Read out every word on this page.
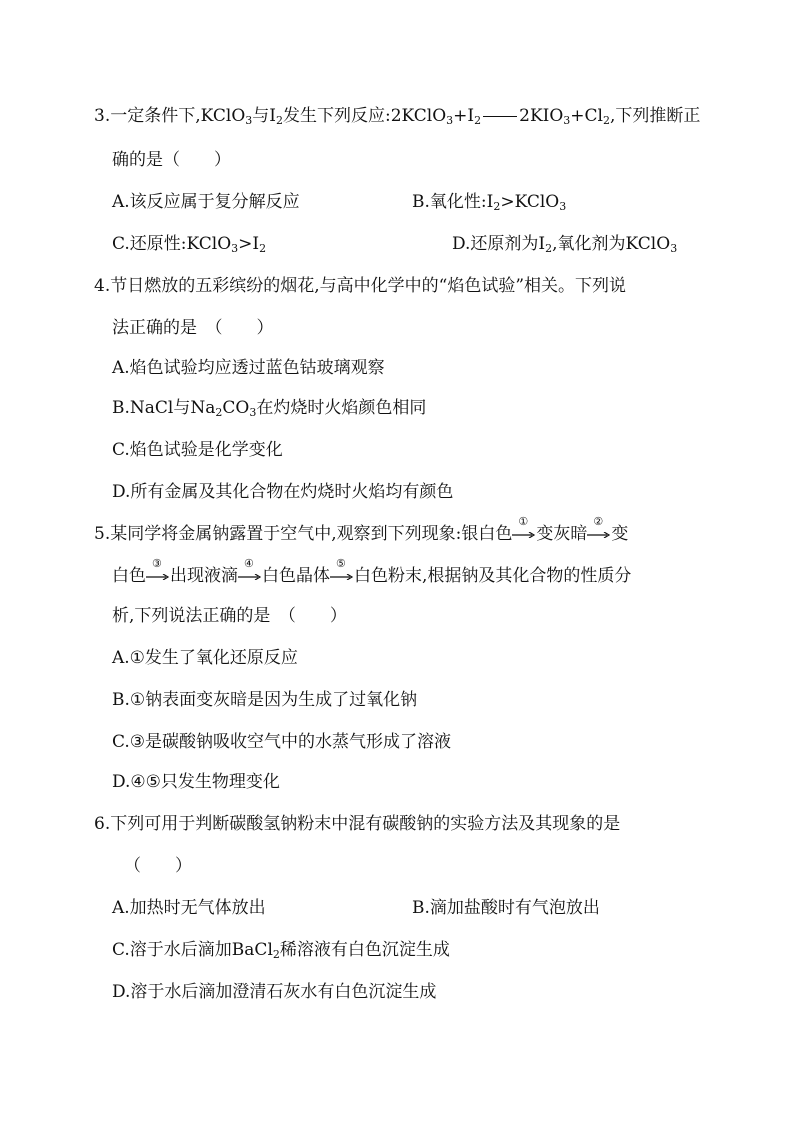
3.一定条件下,KClO$_3$与$I_2$发生下列反应$:2KClO_3+I_2$ $2KIO_3+Cl_2$,下列推断正
确的是（　　）
A.该反应属于复分解反应	B.氧化性$:I_2>KClO_3$
C.还原性$:KClO_3>I_2$	D.还原剂为$I_2$,氧化剂为KClO$_3$
4.节日燃放的五彩缤纷的烟花,与高中化学中的“焰色试验”相关。下列说
法正确的是　（　　）
A.焰色试验均应透过蓝色钴玻璃观察
B.NaCl与$Na_2CO_3$在灼烧时火焰颜色相同
C.焰色试验是化学变化
D.所有金属及其化合物在灼烧时火焰均有颜色
5.某同学将金属钠露置于空气中,观察到下列现象:银白色
①
变灰暗
②
变
白色
③
出现液滴
④
白色晶体
⑤
白色粉末,根据钠及其化合物的性质分
析,下列说法正确的是　（　　）
A.①发生了氧化还原反应
B.①钠表面变灰暗是因为生成了过氧化钠
C.③是碳酸钠吸收空气中的水蒸气形成了溶液
D.④⑤只发生物理变化
6.下列可用于判断碳酸氢钠粉末中混有碳酸钠的实验方法及其现象的是
（　　）
A.加热时无气体放出	B.滴加盐酸时有气泡放出
C.溶于水后滴加BaCl$_2$稀溶液有白色沉淀生成
D.溶于水后滴加澄清石灰水有白色沉淀生成
